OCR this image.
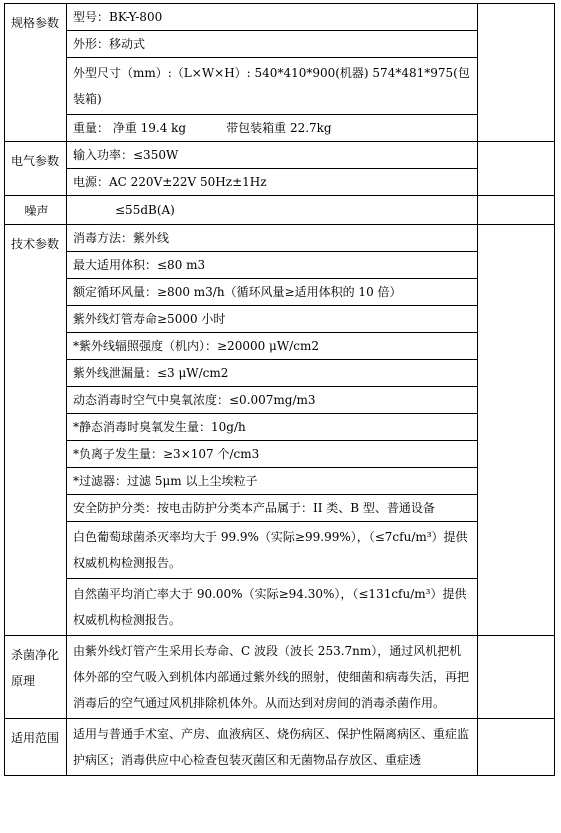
规格参数	型号：BK-Y-800	
	外形：移动式	
	外型尺寸（mm）:（L×W×H）: 540*410*900(机器) 574*481*975(包装箱)	
	重量： 净重 19.4 kg 带包装箱重 22.7kg	
电气参数	输入功率：≤350W	
	电源：AC 220V±22V 50Hz±1Hz	
噪声	≤55dB(A)	
技术参数	消毒方法：紫外线	
	最大适用体积：≤80 m3	
	额定循环风量：≥800 m3/h（循环风量≥适用体积的 10 倍）	
	紫外线灯管寿命≥5000 小时	
	*紫外线辐照强度（机内）：≥20000 μW/cm2	
	紫外线泄漏量：≤3 μW/cm2	
	动态消毒时空气中臭氧浓度：≤0.007mg/m3	
	*静态消毒时臭氧发生量：10g/h	
	*负离子发生量：≥3×107 个/cm3	
	*过滤器：过滤 5μm 以上尘埃粒子	
	安全防护分类：按电击防护分类本产品属于：II 类、B 型、普通设备	
	白色葡萄球菌杀灭率均大于 99.9%（实际≥99.99%），（≤7cfu/m³）提供权威机构检测报告。	
	自然菌平均消亡率大于 90.00%（实际≥94.30%），（≤131cfu/m³）提供权威机构检测报告。	
杀菌净化原理	由紫外线灯管产生采用长寿命、C 波段（波长 253.7nm），通过风机把机体外部的空气吸入到机体内部通过紫外线的照射，使细菌和病毒失活，再把消毒后的空气通过风机排除机体外。从而达到对房间的消毒杀菌作用。	
适用范围	适用与普通手术室、产房、血液病区、烧伤病区、保护性隔离病区、重症监护病区；消毒供应中心检查包装灭菌区和无菌物品存放区、重症透	
